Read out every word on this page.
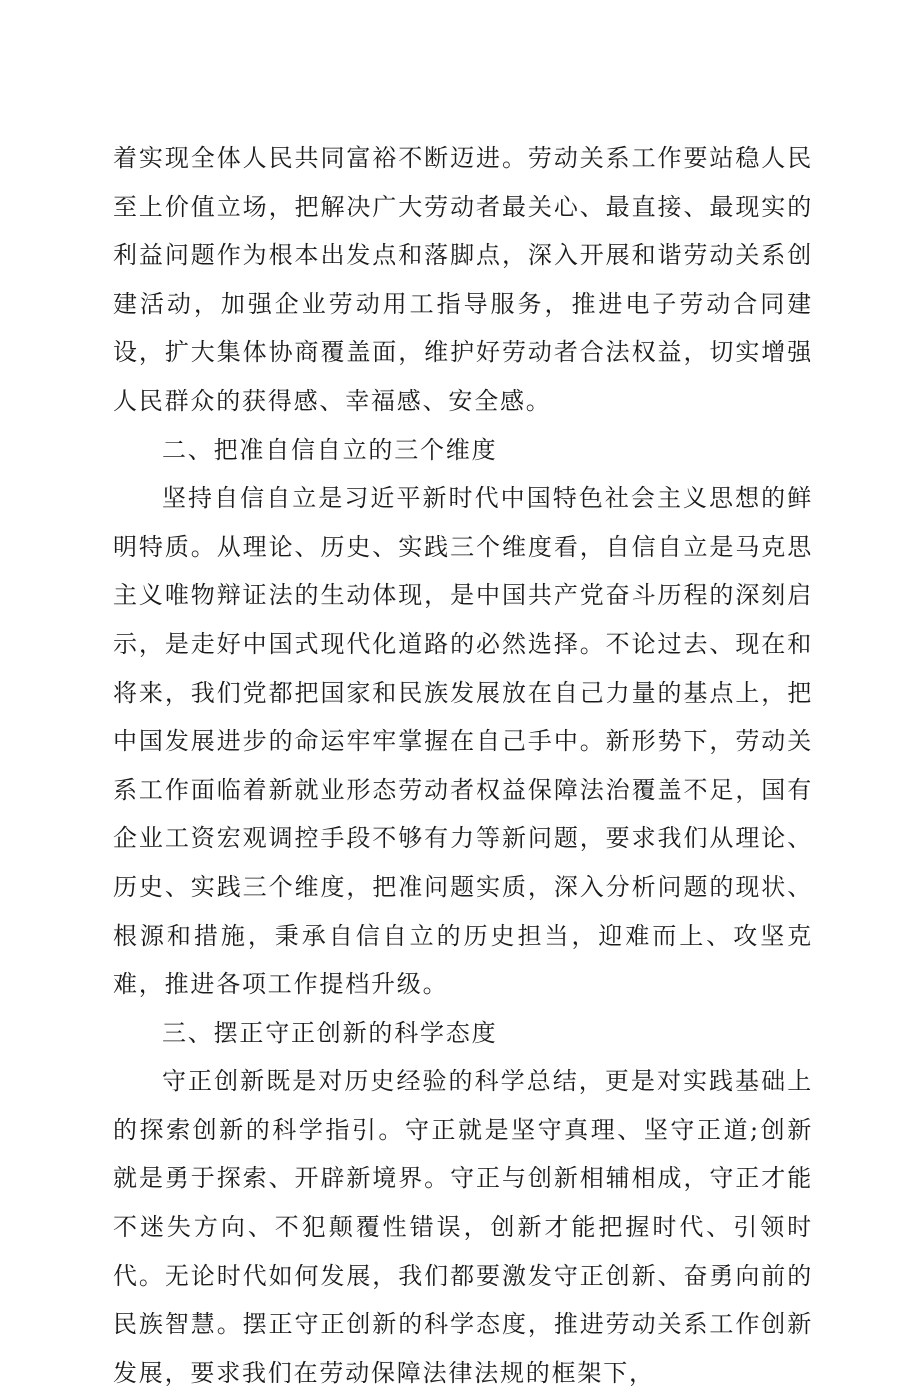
着实现全体人民共同富裕不断迈进。劳动关系工作要站稳人民至上价值立场，把解决广大劳动者最关心、最直接、最现实的利益问题作为根本出发点和落脚点，深入开展和谐劳动关系创建活动，加强企业劳动用工指导服务，推进电子劳动合同建设，扩大集体协商覆盖面，维护好劳动者合法权益，切实增强人民群众的获得感、幸福感、安全感。

二、把准自信自立的三个维度

坚持自信自立是习近平新时代中国特色社会主义思想的鲜明特质。从理论、历史、实践三个维度看，自信自立是马克思主义唯物辩证法的生动体现，是中国共产党奋斗历程的深刻启示，是走好中国式现代化道路的必然选择。不论过去、现在和将来，我们党都把国家和民族发展放在自己力量的基点上，把中国发展进步的命运牢牢掌握在自己手中。新形势下，劳动关系工作面临着新就业形态劳动者权益保障法治覆盖不足，国有企业工资宏观调控手段不够有力等新问题，要求我们从理论、历史、实践三个维度，把准问题实质，深入分析问题的现状、根源和措施，秉承自信自立的历史担当，迎难而上、攻坚克难，推进各项工作提档升级。

三、摆正守正创新的科学态度

守正创新既是对历史经验的科学总结，更是对实践基础上的探索创新的科学指引。守正就是坚守真理、坚守正道;创新就是勇于探索、开辟新境界。守正与创新相辅相成，守正才能不迷失方向、不犯颠覆性错误，创新才能把握时代、引领时代。无论时代如何发展，我们都要激发守正创新、奋勇向前的民族智慧。摆正守正创新的科学态度，推进劳动关系工作创新发展，要求我们在劳动保障法律法规的框架下，
